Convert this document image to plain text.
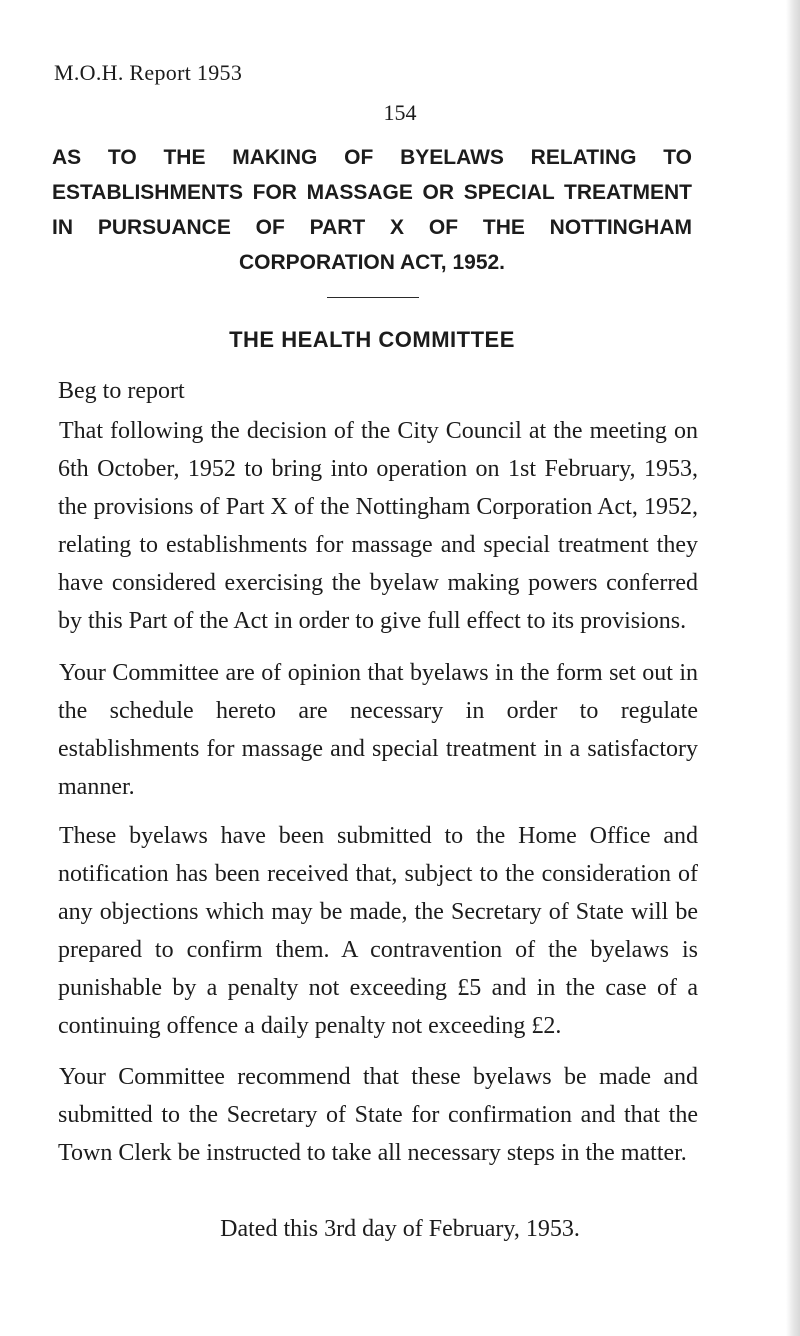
M.O.H. Report 1953
154
AS TO THE MAKING OF BYELAWS RELATING TO ESTABLISHMENTS FOR MASSAGE OR SPECIAL TREATMENT IN PURSUANCE OF PART X OF THE NOTTINGHAM CORPORATION ACT, 1952.
THE HEALTH COMMITTEE
Beg to report

That following the decision of the City Council at the meeting on 6th October, 1952 to bring into operation on 1st February, 1953, the provisions of Part X of the Nottingham Corporation Act, 1952, relating to establishments for massage and special treatment they have considered exercising the byelaw making powers conferred by this Part of the Act in order to give full effect to its provisions.

Your Committee are of opinion that byelaws in the form set out in the schedule hereto are necessary in order to regulate establishments for massage and special treatment in a satisfactory manner.

These byelaws have been submitted to the Home Office and notification has been received that, subject to the consideration of any objections which may be made, the Secretary of State will be prepared to confirm them. A contravention of the byelaws is punishable by a penalty not exceeding £5 and in the case of a continuing offence a daily penalty not exceeding £2.

Your Committee recommend that these byelaws be made and submitted to the Secretary of State for confirmation and that the Town Clerk be instructed to take all necessary steps in the matter.

Dated this 3rd day of February, 1953.
